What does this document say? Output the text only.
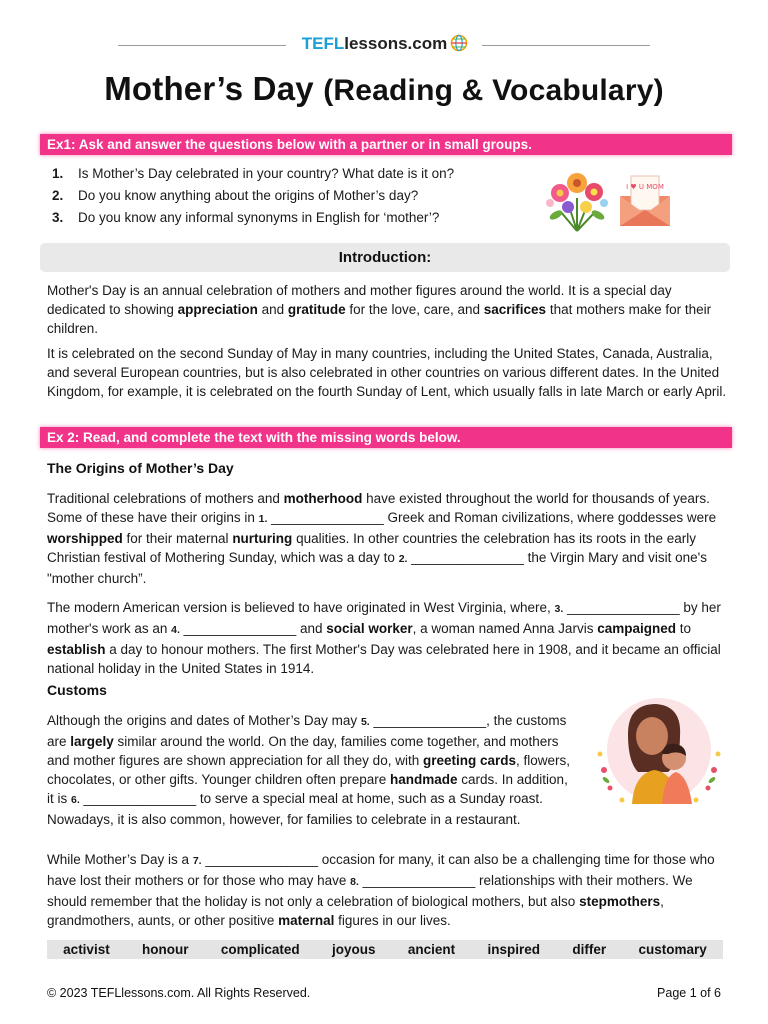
TEFLlessons.com
Mother’s Day (Reading & Vocabulary)
Ex1: Ask and answer the questions below with a partner or in small groups.
1. Is Mother’s Day celebrated in your country? What date is it on?
2. Do you know anything about the origins of Mother’s day?
3. Do you know any informal synonyms in English for ‘mother’?
I ♥ U MOM
Introduction:
Mother's Day is an annual celebration of mothers and mother figures around the world. It is a special day dedicated to showing appreciation and gratitude for the love, care, and sacrifices that mothers make for their children.
It is celebrated on the second Sunday of May in many countries, including the United States, Canada, Australia, and several European countries, but is also celebrated in other countries on various different dates. In the United Kingdom, for example, it is celebrated on the fourth Sunday of Lent, which usually falls in late March or early April.
Ex 2: Read, and complete the text with the missing words below.
The Origins of Mother’s Day
Traditional celebrations of mothers and motherhood have existed throughout the world for thousands of years. Some of these have their origins in 1. _______________ Greek and Roman civilizations, where goddesses were worshipped for their maternal nurturing qualities. In other countries the celebration has its roots in the early Christian festival of Mothering Sunday, which was a day to 2. _______________ the Virgin Mary and visit one's "mother church”.
The modern American version is believed to have originated in West Virginia, where, 3. _______________ by her mother's work as an 4. _______________ and social worker, a woman named Anna Jarvis campaigned to establish a day to honour mothers. The first Mother's Day was celebrated here in 1908, and it became an official national holiday in the United States in 1914.
Customs
Although the origins and dates of Mother’s Day may 5. _______________, the customs are largely similar around the world. On the day, families come together, and mothers and mother figures are shown appreciation for all they do, with greeting cards, flowers, chocolates, or other gifts. Younger children often prepare handmade cards. In addition, it is 6. _______________ to serve a special meal at home, such as a Sunday roast. Nowadays, it is also common, however, for families to celebrate in a restaurant.
While Mother’s Day is a 7. _______________ occasion for many, it can also be a challenging time for those who have lost their mothers or for those who may have 8. _______________ relationships with their mothers. We should remember that the holiday is not only a celebration of biological mothers, but also stepmothers, grandmothers, aunts, or other positive maternal figures in our lives.
activist honour complicated joyous ancient inspired differ customary
© 2023 TEFLlessons.com. All Rights Reserved.	Page 1 of 6
